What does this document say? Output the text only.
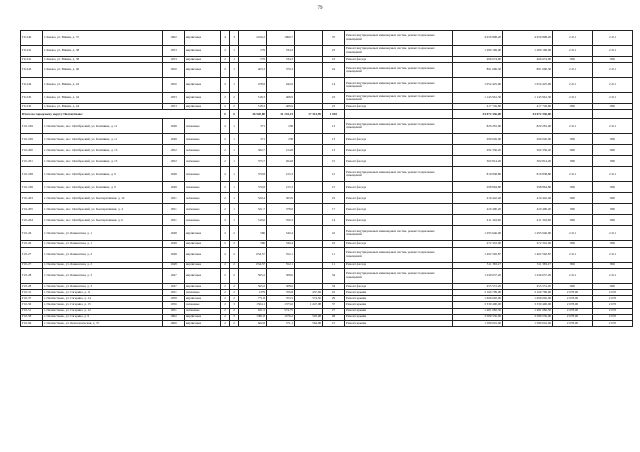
79
Г9-240	г. Кнежа, ул. Юкива, д. 37	1962	кирпичные	4	3	2166,2	1960,7		70	Ремонт внутридомовых инженерных систем, ремонт подвальных помещений	4 656 808,20	4 656 808,20	2 211	2 211
Г9-241	г. Кнежа, ул. Юкива, д. 38	1953	кирпичные	2	1	579	534,3		23	Ремонт внутридомовых инженерных систем, ремонт подвальных помещений	1 280 169,00	1 280 169,00	2 211	2 211
Г9-241	г. Кнежа, ул. Юкива, д. 38	1953	кирпичные	2	1	579	534,3		23	Ремонт фасада	466 674,00	466 674,00	806	806
Г9-243	г. Кнежа, ул. Юкива, д. 40	1950	кирпичные	2	1	403,3	370,3		24	Ремонт внутридомовых инженерных систем, ремонт подвальных помещений	891 696,30	891 696,30	2 211	2 211
Г9-244	г. Кнежа, ул. Юкива, д. 42	1950	кирпичные	2	1	478,9	442,9		14	Ремонт внутридомовых инженерных систем, ремонт подвальных помещений	1 054 425,90	1 054 425,90	2 211	2 211
Г9-245	г. Кнежа, ул. Юкива, д. 44	1953	кирпичные	2	2	518,3	468,9		23	Ремонт внутридомовых инженерных систем, ремонт подвальных помещений	1 145 961,30	1 145 961,30	2 211	2 211
Г9-245	г. Кнежа, ул. Юкива, д. 44	1953	кирпичные	2	2	518,3	468,9		23	Ремонт фасада	417 749,80	417 749,80	806	806
Итого по городскому округу Пелхиствово:				0	0	36 520,80	31 133,15	17 314,99	1 002		54 072 336,00	54 072 336,00		
Г10-199	г. Пелхиствово, пос. Октябрьский, ул. Калинина, д. 11	1948	шлаковые	2	1	371	258		13	Ремонт внутридомовых инженерных систем, ремонт подвальных помещений	820 281,00	820 281,00	2 211	2 211
Г10-199	г. Пелхиствово, пос. Октябрьский, ул. Калинина, д. 11	1948	шлаковые	2	1	371	258		13	Ремонт фасада	299 026,00	299 026,00	806	806
Г10-200	г. Пелхиствово, пос. Октябрьский, ул. Калинина, д. 13	1952	шлаковые	2	1	362,7	214,8		13	Ремонт фасада	292 336,20	292 336,20	806	806
Г10-201	г. Пелхиствово, пос. Октябрьский, ул. Калинина, д. 15	1952	шлаковые	2	1	375,7	264,8		15	Ремонт фасада	302 814,20	302 814,20	806	806
Г10-198	г. Пелхиствово, пос. Октябрьский, ул. Калинина, д. 9	1948	шлаковые	2	1	370,8	215,3		15	Ремонт внутридомовых инженерных систем, ремонт подвальных помещений	819 838,80	819 838,80	2 211	2 211
Г10-198	г. Пелхиствово, пос. Октябрьский, ул. Калинина, д. 9	1948	шлаковые	2	1	370,8	215,3		15	Ремонт фасада	298 864,80	298 864,80	806	806
Г10-203	г. Пелхиствово, пос. Октябрьский, ул. Коопаративная, д. 10	1951	шлаковые	2	1	520,4	363,9		19	Ремонт фасада	419 442,40	419 442,40	806	806
Г10-205	г. Пелхиствово, пос. Октябрьский, ул. Коопаративная, д. 4	1951	шлаковые	2	1	521,7	378,6		17	Ремонт фасада	420 490,20	420 490,20	806	806
Г10-204	г. Пелхиствово, пос. Октябрьский, ул. Коопаративная, д. 6	1951	шлаковые	2	1	510,6	356,3		14	Ремонт фасада	411 343,60	411 343,60	806	806
Г10-26	г. Пелхиствово, ул. Банковская, д. 1	1948	кирпичные	2	2	586	540,4		22	Ремонт внутридомовых инженерных систем, ремонт подвальных помещений	1 295 646,00	1 295 646,00	2 211	2 211
Г10-26	г. Пелхиствово, ул. Банковская, д. 1	1948	кирпичные	2	2	586	540,4		22	Ремонт фасада	472 316,00	472 316,00	806	806
Г10-27	г. Пелхиствово, ул. Банковская, д. 2	1948	кирпичные	2	2	634,57	552,1		11	Ремонт внутридомовых инженерных систем, ремонт подвальных помещений	1 402 592,87	1 402 592,87	2 211	2 211
Г10-27	г. Пелхиствово, ул. Банковская, д. 2	1948	кирпичные	2	2	634,57	552,1		11	Ремонт фасада	511 383,27	511 383,27	806	806
Г10-28	г. Пелхиствово, ул. Банковская, д. 3	1947	кирпичные	2	2	565,2	508,6		34	Ремонт внутридомовых инженерных систем, ремонт подвальных помещений	1 249 657,20	1 249 657,20	2 211	2 211
Г10-28	г. Пелхиствово, ул. Банковская, д. 3	1947	кирпичные	2	2	565,2	508,6		34	Ремонт фасада	455 551,20	455 551,20	806	806
Г10-31	г. Пелхиствово, ул. Гагарина, д. 11	1951	шлаковые	2	2	1379	706,8	437,69	22	Ремонт крыши	3 166 799,00	3 166 799,00	2 678,00	2 670
Г10-37	г. Пелхиствово, ул. Гагарина, д. 14	1958	кирпичные	2	2	771,8	703,5	574,50	29	Ремонт крыши	1 699 692,00	1 699 692,00	2 678,00	2 670
Г10-50	г. Пелхиствово, ул. Гагарина, д. 15	1956	шлаковые	2	3	1504,1	1373,6	1 247,08	37	Ремонт крыши	3 339 490,00	3 339 490,00	2 678,00	2 670
Г10-51	г. Пелхиствово, ул. Гагарина, д. 12	1951	шлаковые	2	2	621,5	574,75		27	Ремонт крыши	1 481 082,50	1 481 082,50	2 678,00	2 670
Г10-58	г. Пелхиствово, ул. Гагарина, д. 9	1962	кирпичные	2	3	1381,8	1276,2	593,08	48	Ремонт крыши	3 589 556,00	3 589 556,00	2 678,00	2 670
Г10-69	г. Пелхиствово, ул. Комсомольская, д. 37	1960	кирпичные	2	2	662,8	571,1	564,08	15	Ремонт крыши	1 580 016,00	1 580 016,00	2 678,00	2 670
